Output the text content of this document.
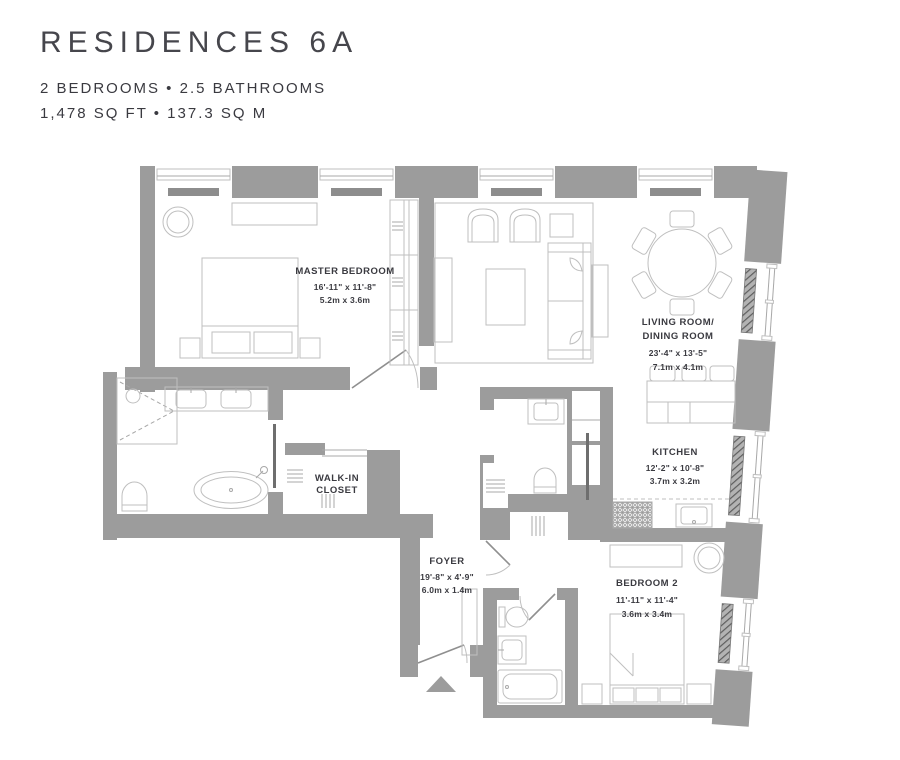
RESIDENCES 6A
2 BEDROOMS • 2.5 BATHROOMS
1,478 SQ FT • 137.3 SQ M
MASTER BEDROOM
16'-11" x 11'-8"
5.2m x 3.6m
LIVING ROOM/
DINING ROOM
23'-4" x 13'-5"
7.1m x 4.1m
KITCHEN
12'-2" x 10'-8"
3.7m x 3.2m
BEDROOM 2
11'-11" x 11'-4"
3.6m x 3.4m
WALK-IN
CLOSET
FOYER
19'-8" x 4'-9"
6.0m x 1.4m
